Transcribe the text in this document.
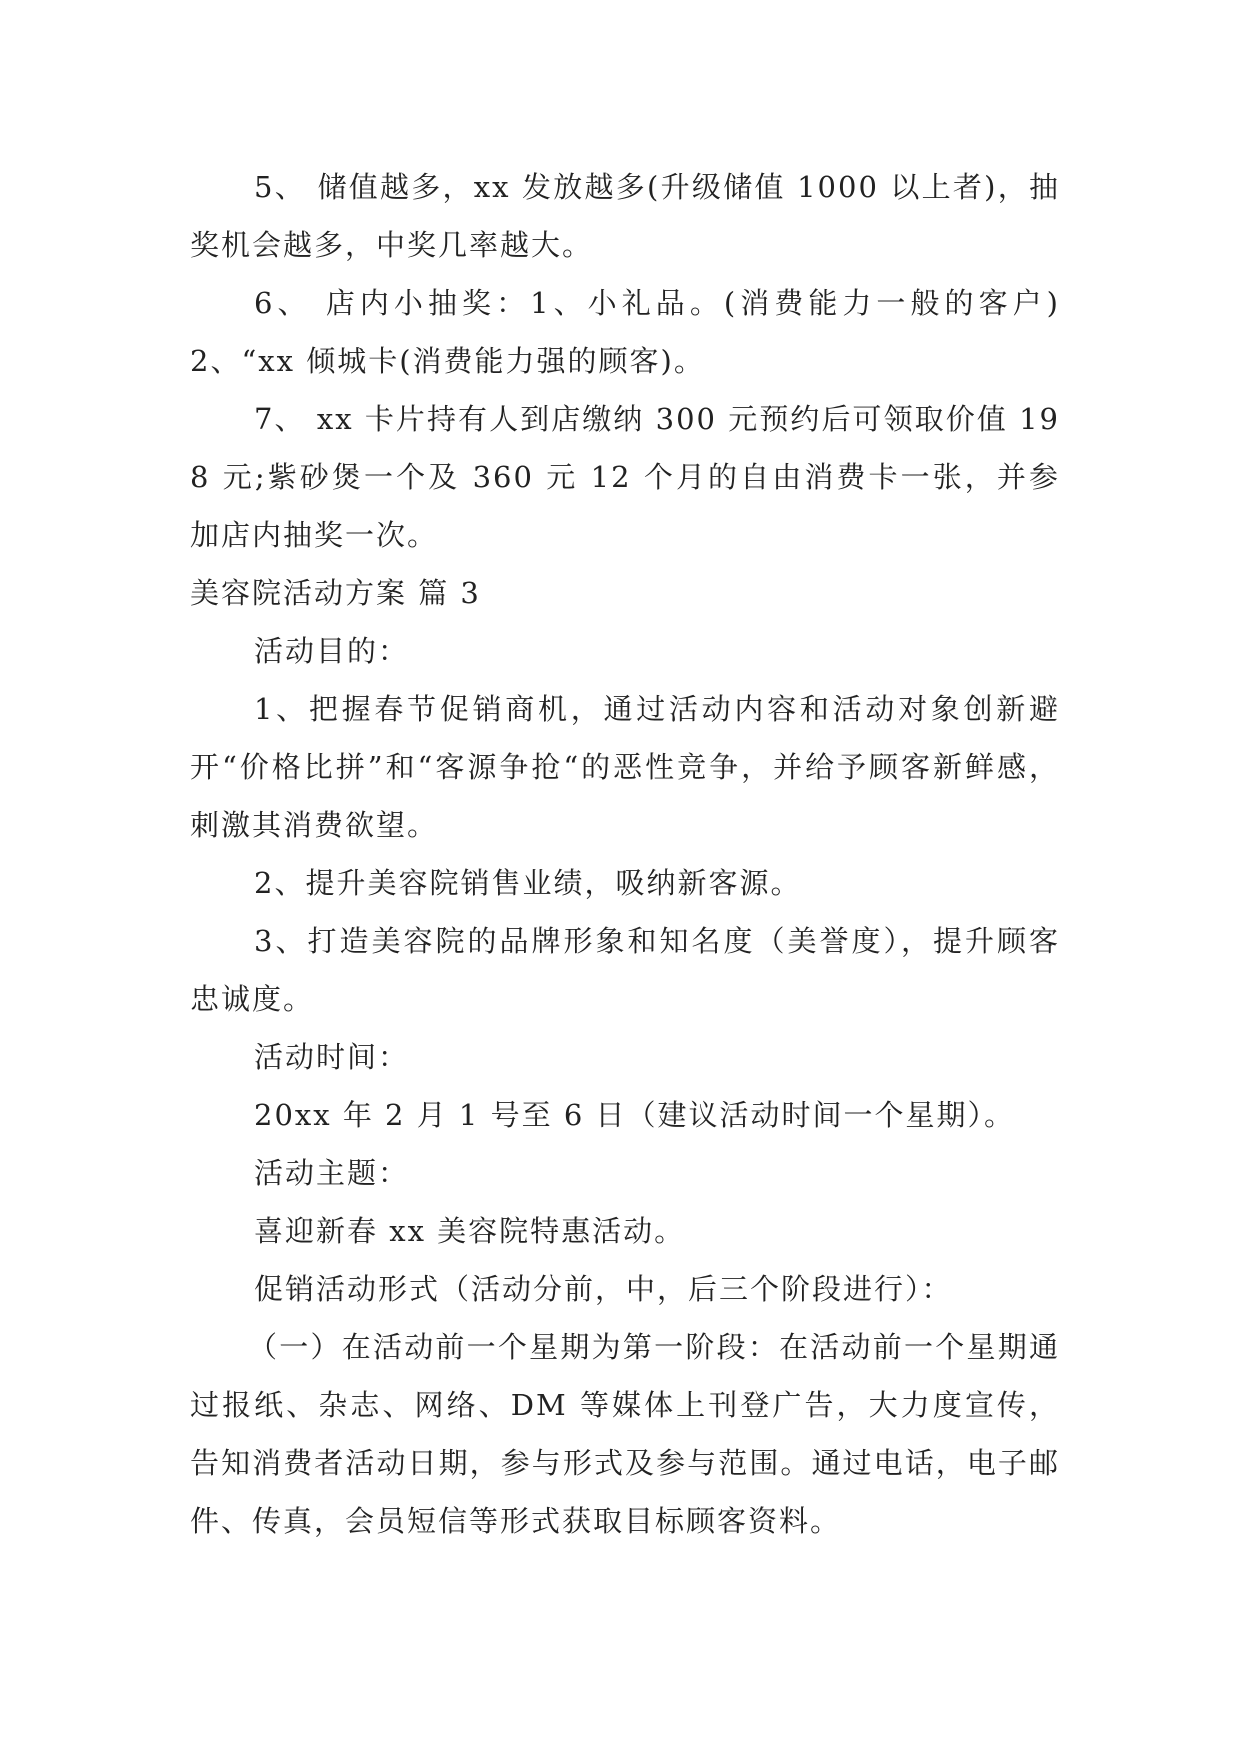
5、 储值越多，xx 发放越多(升级储值 1000 以上者)，抽奖机会越多，中奖几率越大。

6、 店内小抽奖：1、小礼品。(消费能力一般的客户)2、“xx 倾城卡(消费能力强的顾客)。

7、 xx 卡片持有人到店缴纳 300 元预约后可领取价值 198 元;紫砂煲一个及 360 元 12 个月的自由消费卡一张，并参加店内抽奖一次。

美容院活动方案 篇 3

活动目的：

1、把握春节促销商机，通过活动内容和活动对象创新避开“价格比拼”和“客源争抢“的恶性竞争，并给予顾客新鲜感，刺激其消费欲望。

2、提升美容院销售业绩，吸纳新客源。

3、打造美容院的品牌形象和知名度（美誉度），提升顾客忠诚度。

活动时间：

20xx 年 2 月 1 号至 6 日（建议活动时间一个星期）。

活动主题：

喜迎新春 xx 美容院特惠活动。

促销活动形式（活动分前，中，后三个阶段进行）：

（一）在活动前一个星期为第一阶段：在活动前一个星期通过报纸、杂志、网络、DM 等媒体上刊登广告，大力度宣传，告知消费者活动日期，参与形式及参与范围。通过电话，电子邮件、传真，会员短信等形式获取目标顾客资料。
